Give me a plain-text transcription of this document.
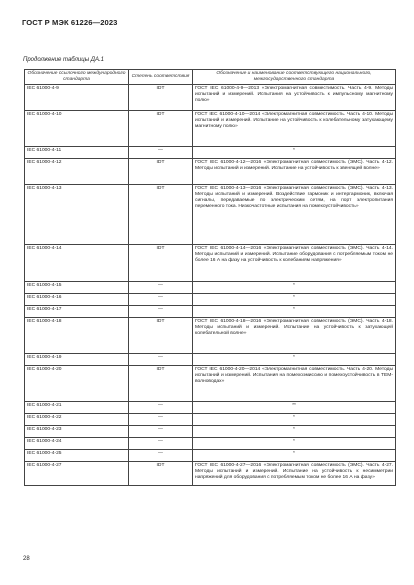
ГОСТ Р МЭК 61226—2023
Продолжение таблицы ДА.1
Обозначение ссылочного международного стандарта	Степень соответствия	Обозначение и наименование соответствующего национального, межгосударственного стандарта
IEC 61000-4-9	IDT	ГОСТ IEC 61000-4-9—2013 «Электромагнитная совместимость. Часть 4-9. Методы испытаний и измерений. Испытания на устойчивость к импульсному магнитному полю»
IEC 61000-4-10	IDT	ГОСТ IEC 61000-4-10—2014 «Электромагнитная совместимость. Часть 4-10. Методы испытаний и измерений. Испытание на устойчивость к колебательному затухающему магнитному полю»
IEC 61000-4-11	—	*
IEC 61000-4-12	IDT	ГОСТ IEC 61000-4-12—2016 «Электромагнитная совместимость (ЭМС). Часть 4-12. Методы испытаний и измерений. Испытание на устойчивость к звенящей волне»
IEC 61000-4-13	IDT	ГОСТ IEC 61000-4-13—2016 «Электромагнитная совместимость (ЭМС). Часть 4-13. Методы испытаний и измерений. Воздействие гармоник и интергармоник, включая сигналы, передаваемые по электрическим сетям, на порт электропитания переменного тока. Низкочастотные испытания на помехоустойчивость»
IEC 61000-4-14	IDT	ГОСТ IEC 61000-4-14—2016 «Электромагнитная совместимость (ЭМС). Часть 4-14. Методы испытаний и измерений. Испытание оборудования с потребляемым током не более 16 А на фазу на устойчивость к колебаниям напряжения»
IEC 61000-4-15	—	*
IEC 61000-4-16	—	*
IEC 61000-4-17	—	*
IEC 61000-4-18	IDT	ГОСТ IEC 61000-4-18—2016 «Электромагнитная совместимость (ЭМС). Часть 4-18. Методы испытаний и измерений. Испытание на устойчивость к затухающей колебательной волне»
IEC 61000-4-19	—	*
IEC 61000-4-20	IDT	ГОСТ IEC 61000-4-20—2014 «Электромагнитная совместимость. Часть 4-20. Методы испытаний и измерений. Испытания на помехоэмиссию и помехоустойчивость в TEM-волноводах»
IEC 61000-4-21	—	**
IEC 61000-4-22	—	*
IEC 61000-4-23	—	*
IEC 61000-4-24	—	*
IEC 61000-4-25	—	*
IEC 61000-4-27	IDT	ГОСТ IEC 61000-4-27—2016 «Электромагнитная совместимость (ЭМС). Часть 4-27. Методы испытаний и измерений. Испытание на устойчивость к несимметрии напряжений для оборудования с потребляемым током не более 16 А на фазу»
28
